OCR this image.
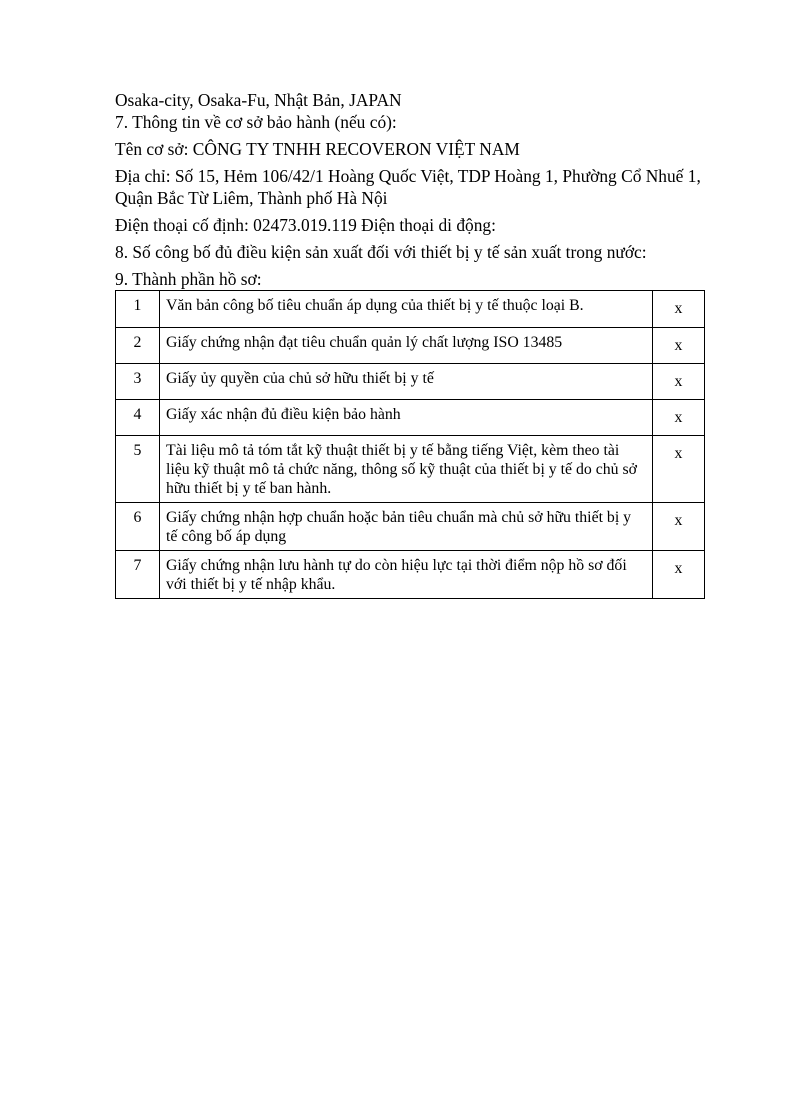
Osaka-city, Osaka-Fu, Nhật Bản, JAPAN

7. Thông tin về cơ sở bảo hành (nếu có):

Tên cơ sở: CÔNG TY TNHH RECOVERON VIỆT NAM

Địa chỉ: Số 15, Hẻm 106/42/1 Hoàng Quốc Việt, TDP Hoàng 1, Phường Cổ Nhuế 1, Quận Bắc Từ Liêm, Thành phố Hà Nội

Điện thoại cố định: 02473.019.119 Điện thoại di động:

8. Số công bố đủ điều kiện sản xuất đối với thiết bị y tế sản xuất trong nước:

9. Thành phần hồ sơ:

1	Văn bản công bố tiêu chuẩn áp dụng của thiết bị y tế thuộc loại B.	x
2	Giấy chứng nhận đạt tiêu chuẩn quản lý chất lượng ISO 13485	x
3	Giấy ủy quyền của chủ sở hữu thiết bị y tế	x
4	Giấy xác nhận đủ điều kiện bảo hành	x
5	Tài liệu mô tả tóm tắt kỹ thuật thiết bị y tế bằng tiếng Việt, kèm theo tài liệu kỹ thuật mô tả chức năng, thông số kỹ thuật của thiết bị y tế do chủ sở hữu thiết bị y tế ban hành.	x
6	Giấy chứng nhận hợp chuẩn hoặc bản tiêu chuẩn mà chủ sở hữu thiết bị y tế công bố áp dụng	x
7	Giấy chứng nhận lưu hành tự do còn hiệu lực tại thời điểm nộp hồ sơ đối với thiết bị y tế nhập khẩu.	x
